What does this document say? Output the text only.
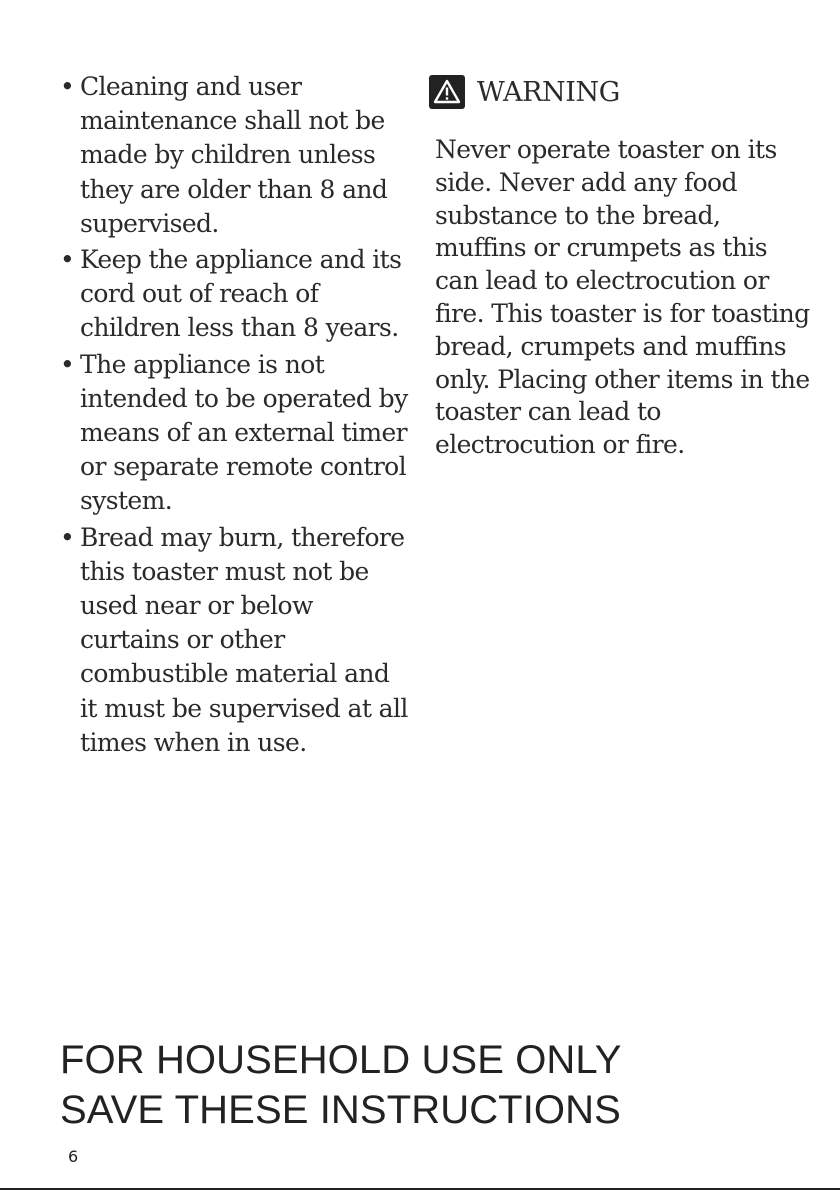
• Cleaning and user maintenance shall not be made by children unless they are older than 8 and supervised.
• Keep the appliance and its cord out of reach of children less than 8 years.
• The appliance is not intended to be operated by means of an external timer or separate remote control system.
• Bread may burn, therefore this toaster must not be used near or below curtains or other combustible material and it must be supervised at all times when in use.
WARNING
Never operate toaster on its side. Never add any food substance to the bread, muffins or crumpets as this can lead to electrocution or fire. This toaster is for toasting bread, crumpets and muffins only. Placing other items in the toaster can lead to electrocution or fire.
FOR HOUSEHOLD USE ONLY
SAVE THESE INSTRUCTIONS
6
